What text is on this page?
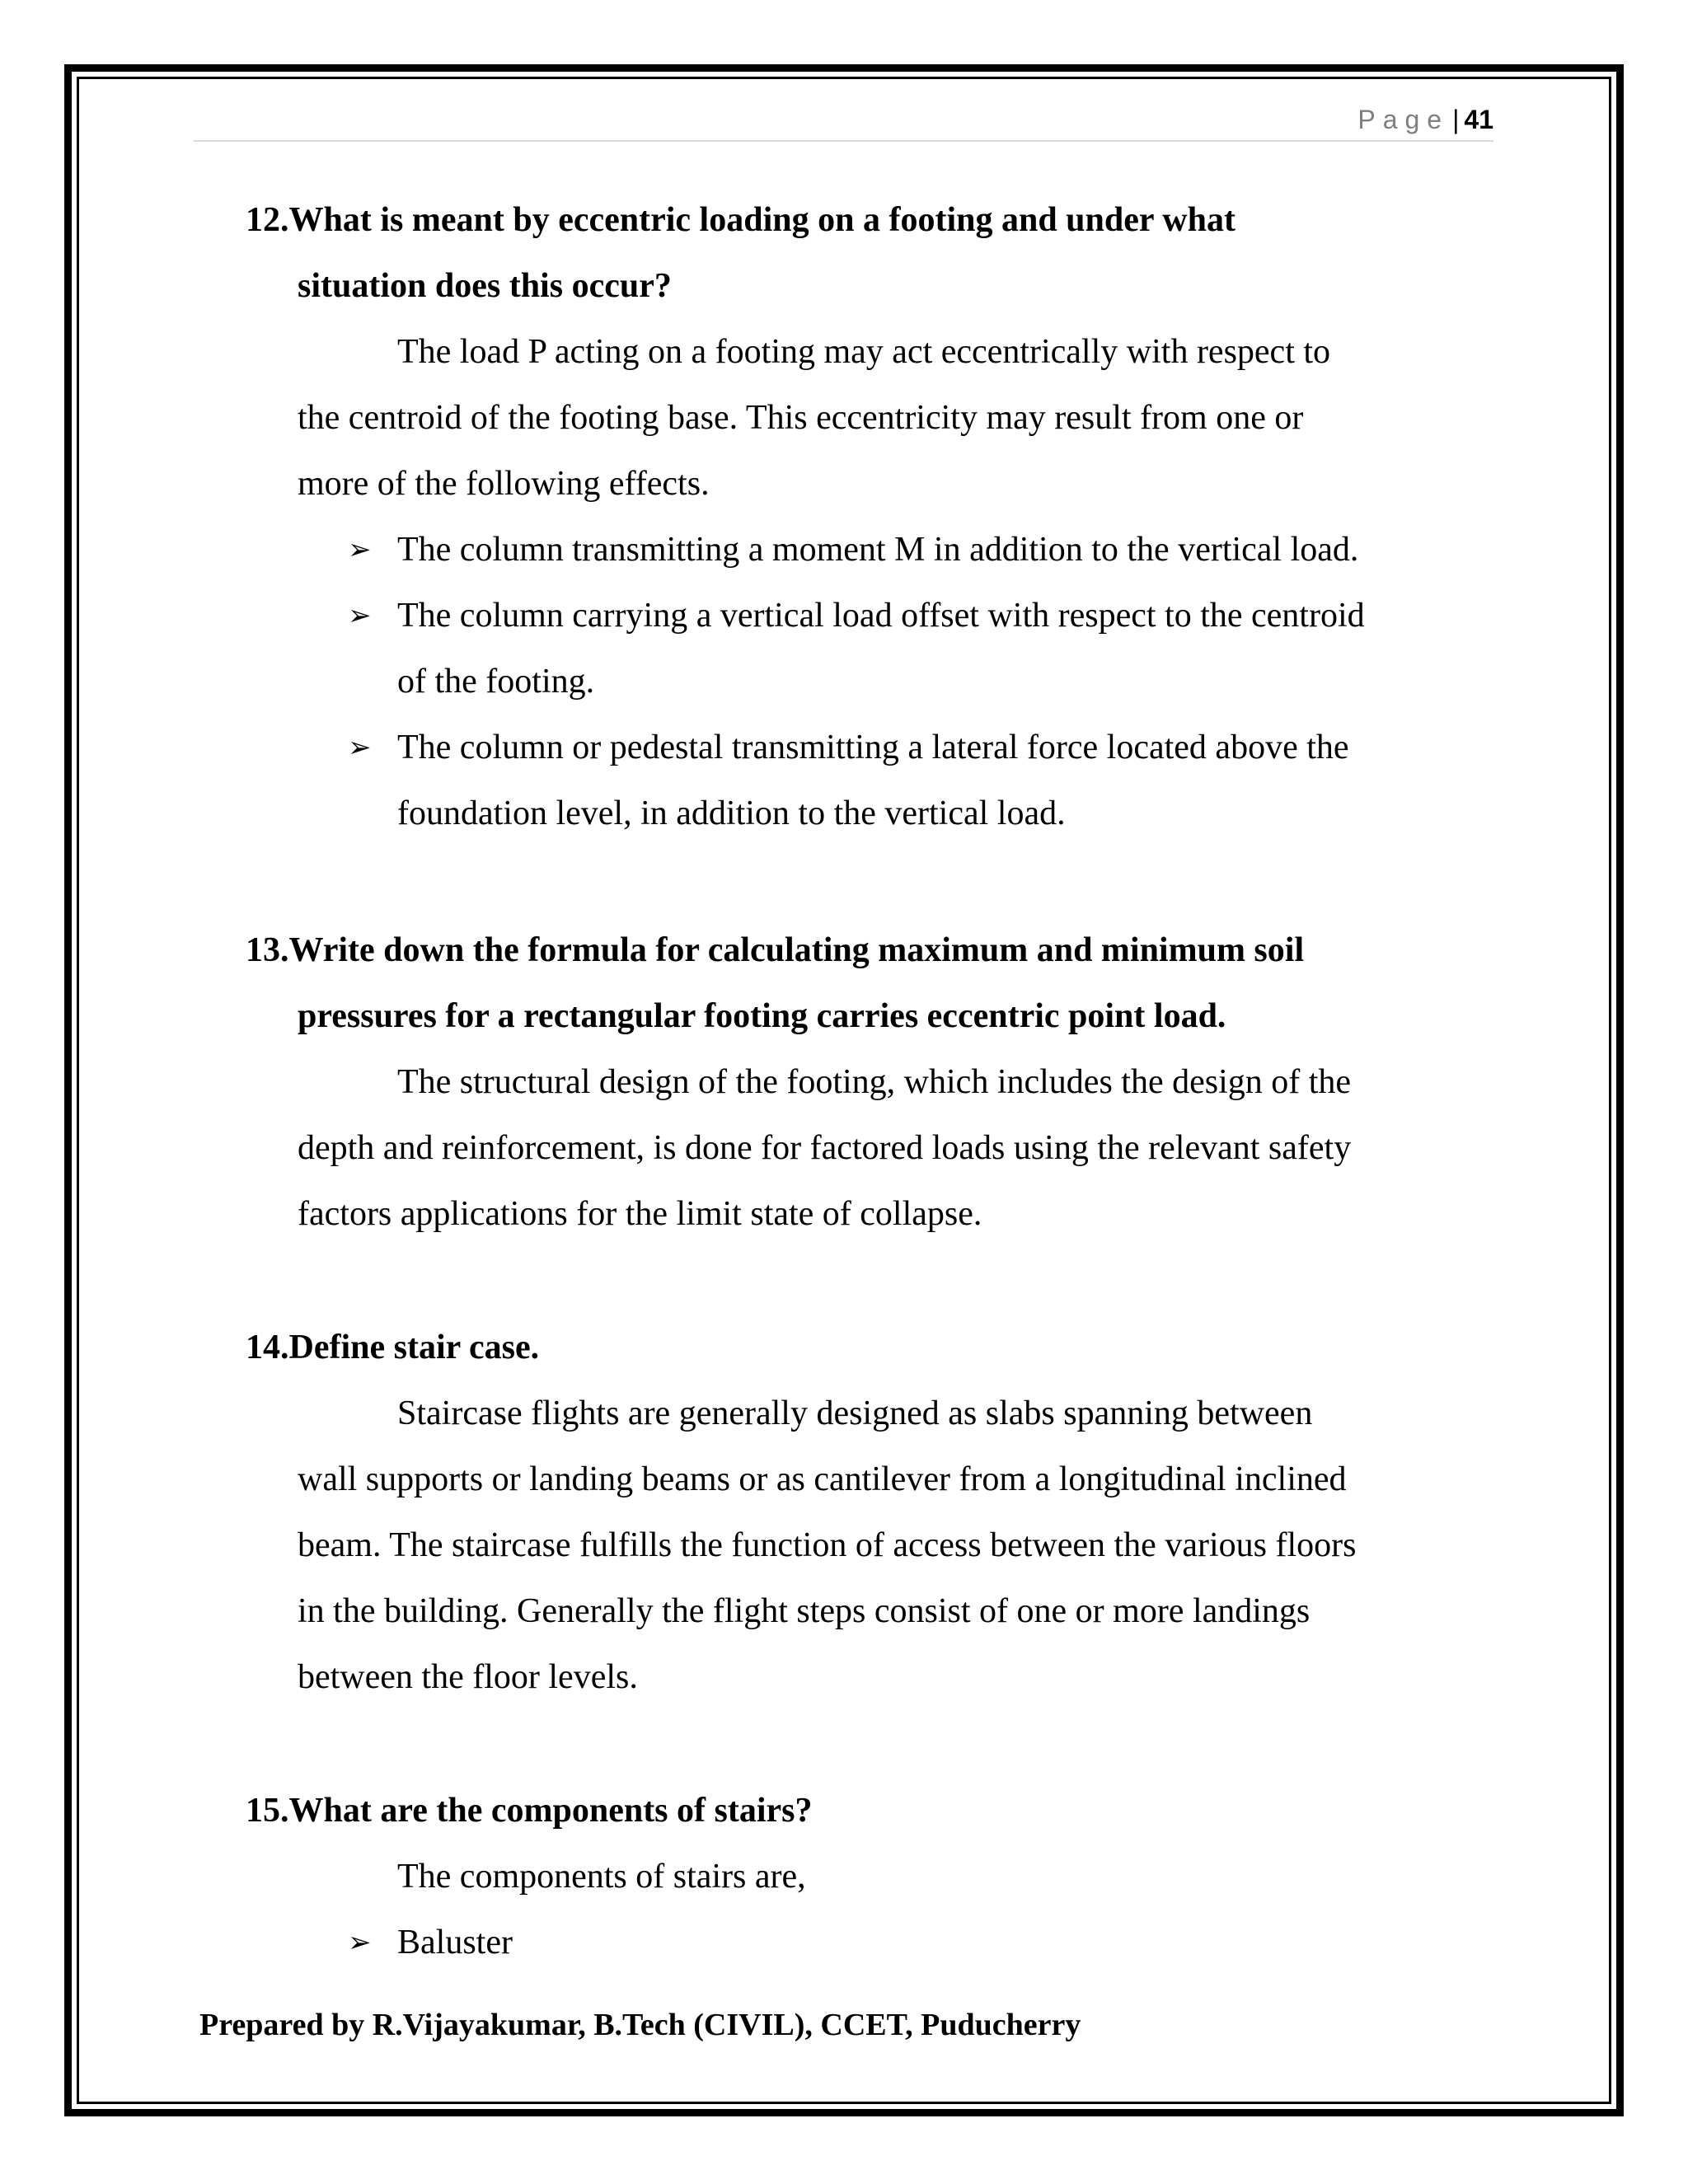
Page | 41
12.What is meant by eccentric loading on a footing and under what
situation does this occur?
The load P acting on a footing may act eccentrically with respect to
the centroid of the footing base. This eccentricity may result from one or
more of the following effects.
➢ The column transmitting a moment M in addition to the vertical load.
➢ The column carrying a vertical load offset with respect to the centroid
of the footing.
➢ The column or pedestal transmitting a lateral force located above the
foundation level, in addition to the vertical load.
13.Write down the formula for calculating maximum and minimum soil
pressures for a rectangular footing carries eccentric point load.
The structural design of the footing, which includes the design of the
depth and reinforcement, is done for factored loads using the relevant safety
factors applications for the limit state of collapse.
14.Define stair case.
Staircase flights are generally designed as slabs spanning between
wall supports or landing beams or as cantilever from a longitudinal inclined
beam. The staircase fulfills the function of access between the various floors
in the building. Generally the flight steps consist of one or more landings
between the floor levels.
15.What are the components of stairs?
The components of stairs are,
➢ Baluster
Prepared by R.Vijayakumar, B.Tech (CIVIL), CCET, Puducherry
